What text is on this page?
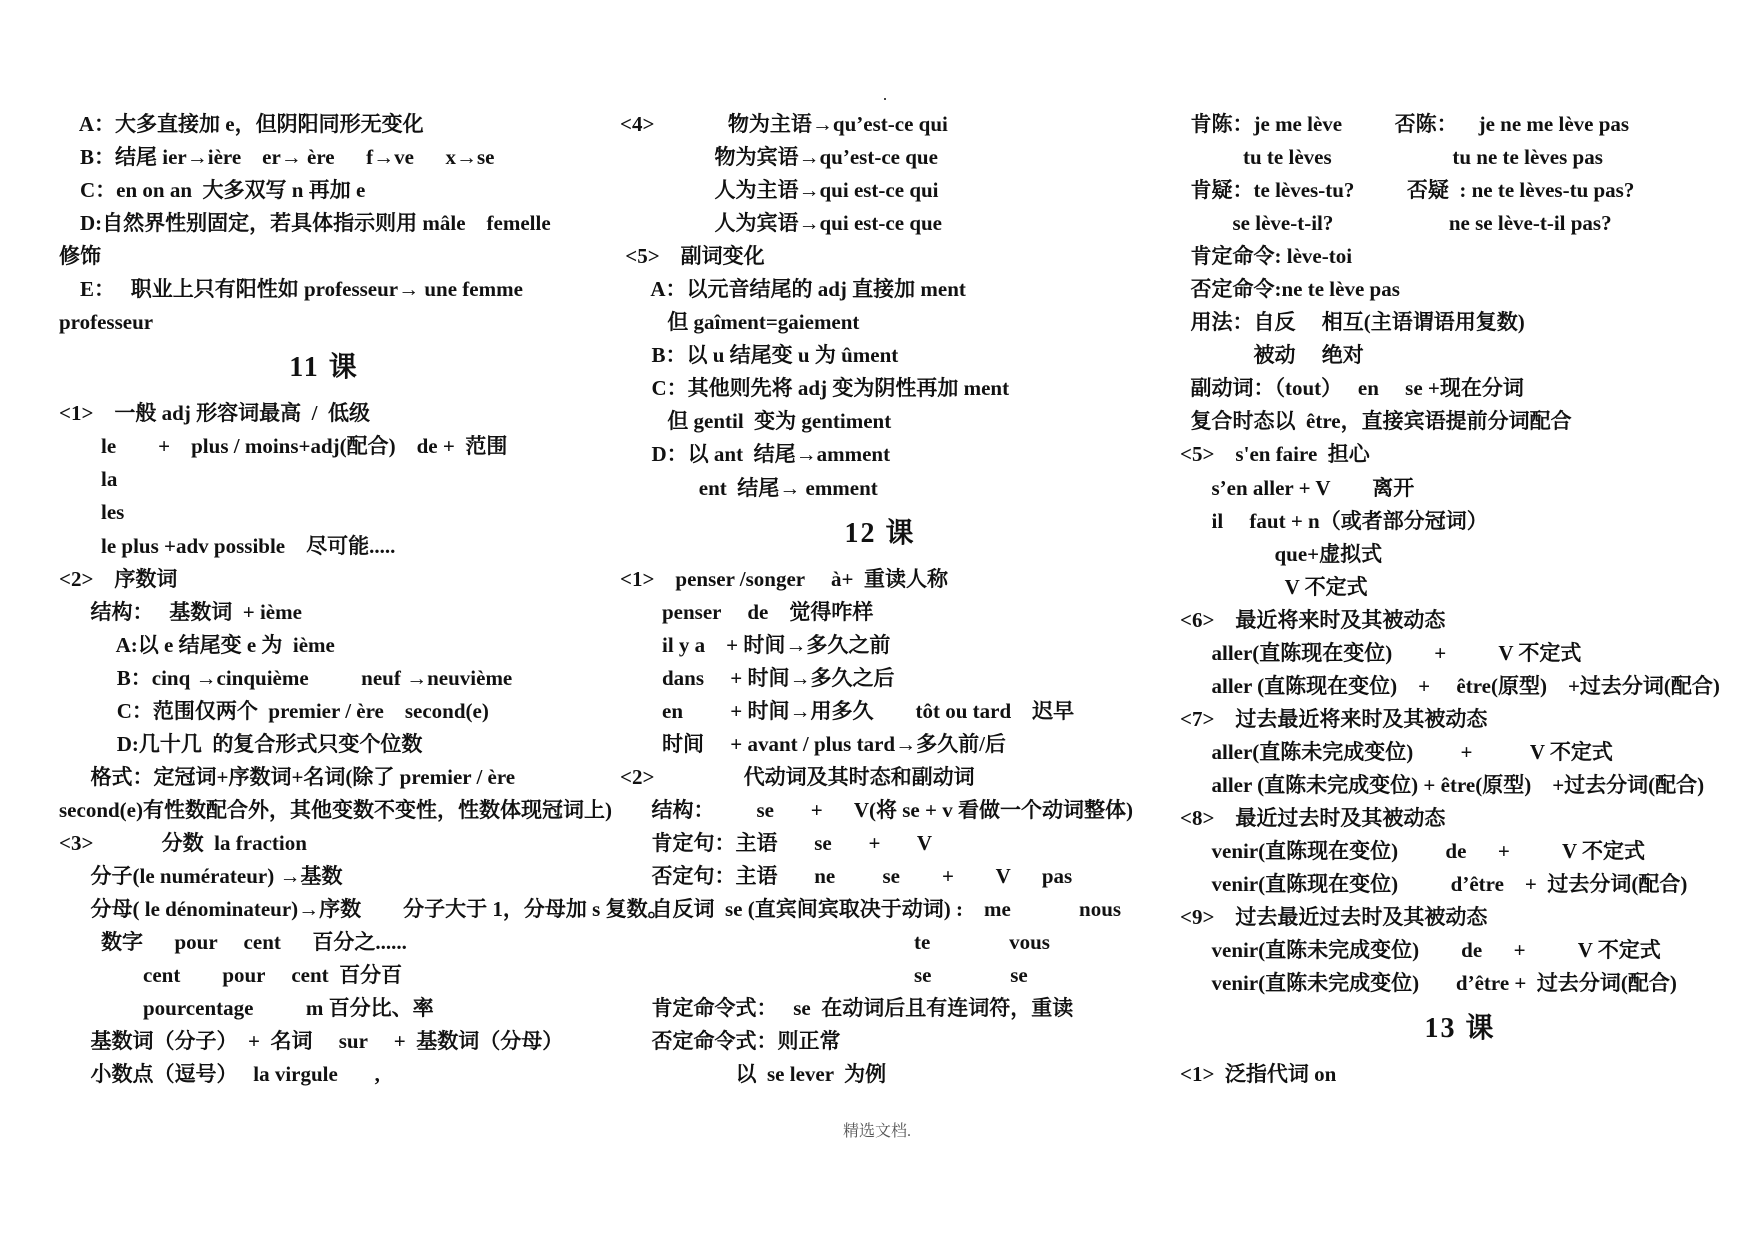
A：大多直接加 e，但阴阳同形无变化
B：结尾 ier→ière    er→ ère      f→ve      x→se
C：en on an  大多双写 n 再加 e
D:自然界性别固定，若具体指示则用 mâle    femelle
修饰
E：   职业上只有阳性如 professeur→ une femme
professeur
11 课
<1>    一般 adj 形容词最高  /  低级
le        +    plus / moins+adj(配合)    de +  范围
la
les
le plus +adv possible    尽可能.....
<2>    序数词
结构：   基数词  + ième
A:以 e 结尾变 e 为  ième
B：cinq →cinquième          neuf →neuvième
C：范围仅两个  premier / ère    second(e)
D:几十几  的复合形式只变个位数
格式：定冠词+序数词+名词(除了 premier / ère
second(e)有性数配合外，其他变数不变性，性数体现冠词上)
<3>             分数  la fraction
分子(le numérateur) →基数
分母( le dénominateur)→序数        分子大于 1，分母加 s 复数。
数字      pour     cent      百分之......
cent        pour     cent  百分百
pourcentage          m 百分比、率
基数词（分子）  +  名词     sur     +  基数词（分母）
小数点（逗号）   la virgule       ,
<4>              物为主语→qu’est-ce qui
物为宾语→qu’est-ce que
人为主语→qui est-ce qui
人为宾语→qui est-ce que
<5>    副词变化
A：以元音结尾的 adj 直接加 ment
但 gaîment=gaiement
B：以 u 结尾变 u 为 ûment
C：其他则先将 adj 变为阴性再加 ment
但 gentil  变为 gentiment
D：以 ant  结尾→amment
ent  结尾→ emment
12 课
<1>    penser /songer     à+  重读人称
penser     de    觉得咋样
il y a    + 时间→多久之前
dans     + 时间→多久之后
en         + 时间→用多久        tôt ou tard    迟早
时间     + avant / plus tard→多久前/后
<2>                 代动词及其时态和副动词
结构：        se       +      V(将 se + v 看做一个动词整体)
肯定句：主语       se       +       V
否定句：主语       ne         se        +        V      pas
自反词  se (直宾间宾取决于动词) :    me             nous
te               vous
se               se
肯定命令式：   se  在动词后且有连词符，重读
否定命令式：则正常
以  se lever  为例
肯陈：je me lève          否陈：    je ne me lève pas
tu te lèves                       tu ne te lèves pas
肯疑：te lèves-tu?          否疑  : ne te lèves-tu pas?
se lève-t-il?                      ne se lève-t-il pas?
肯定命令: lève-toi
否定命令:ne te lève pas
用法：自反     相互(主语谓语用复数)
被动     绝对
副动词：（tout）   en     se +现在分词
复合时态以  être，直接宾语提前分词配合
<5>    s'en faire  担心
s’en aller + V        离开
il     faut + n（或者部分冠词）
que+虚拟式
V 不定式
<6>    最近将来时及其被动态
aller(直陈现在变位)        +          V 不定式
aller (直陈现在变位)    +     être(原型)    +过去分词(配合)
<7>    过去最近将来时及其被动态
aller(直陈未完成变位)         +           V 不定式
aller (直陈未完成变位) + être(原型)    +过去分词(配合)
<8>    最近过去时及其被动态
venir(直陈现在变位)         de      +          V 不定式
venir(直陈现在变位)          d’être    +  过去分词(配合)
<9>    过去最近过去时及其被动态
venir(直陈未完成变位)        de      +          V 不定式
venir(直陈未完成变位)       d’être +  过去分词(配合)
13 课
<1>  泛指代词 on
精选文档.
